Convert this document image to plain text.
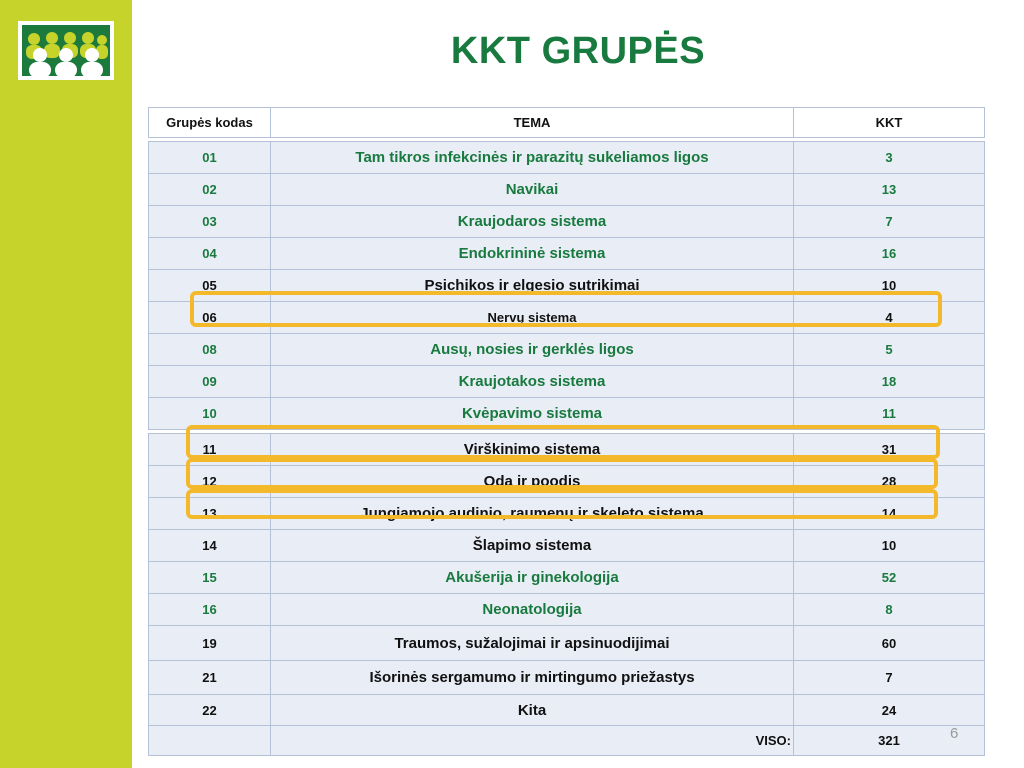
KKT GRUPĖS
Grupės kodas	TEMA	KKT

01	Tam tikros infekcinės ir parazitų sukeliamos ligos	3
02	Navikai	13
03	Kraujodaros sistema	7
04	Endokrininė sistema	16
05	Psichikos ir elgesio sutrikimai	10
06	Nervų sistema	4
08	Ausų, nosies ir gerklės ligos	5
09	Kraujotakos sistema	18
10	Kvėpavimo sistema	11

11	Virškinimo sistema	31
12	Oda ir poodis	28
13	Jungiamojo audinio, raumenų ir skeleto sistema	14
14	Šlapimo sistema	10
15	Akušerija ir ginekologija	52
16	Neonatologija	8
19	Traumos, sužalojimai ir apsinuodijimai	60
21	Išorinės sergamumo ir mirtingumo priežastys	7
22	Kita	24
	VISO:	321	6
